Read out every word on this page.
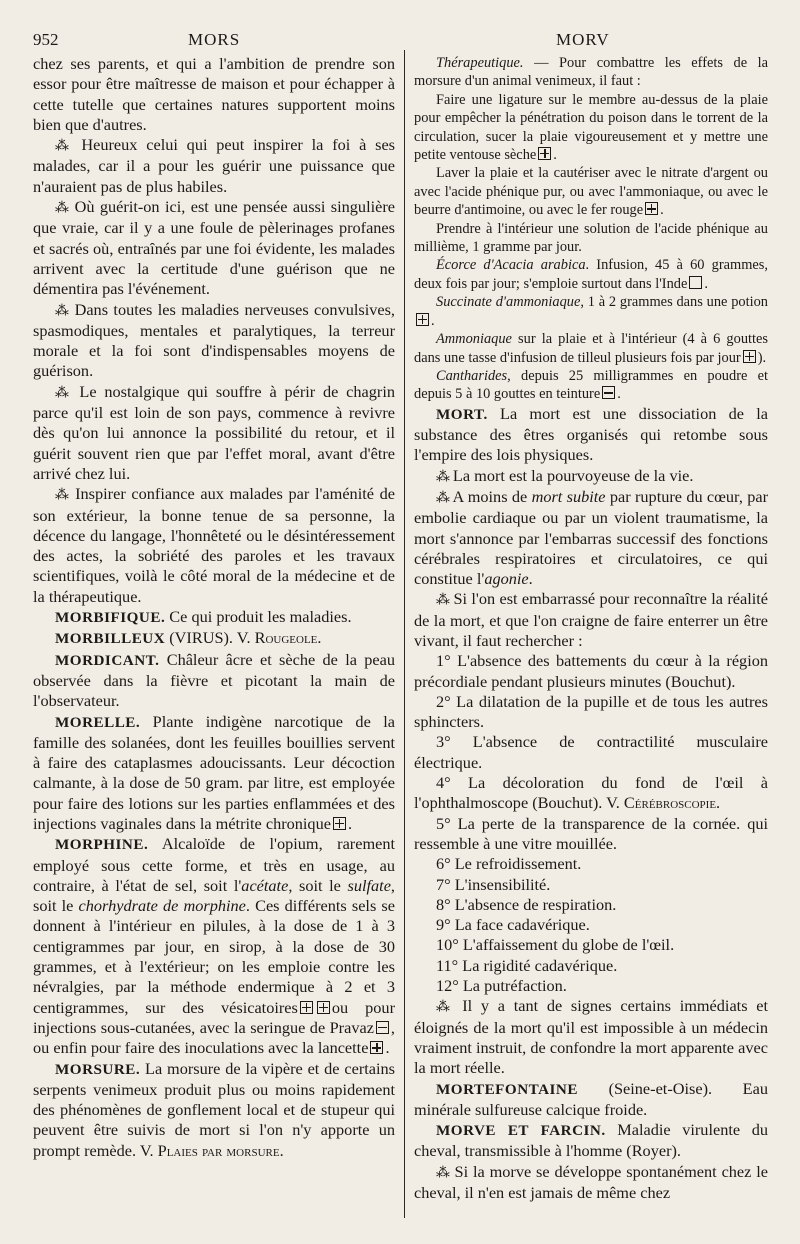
952	MORS	MORV

chez ses parents, et qui a l'ambition de prendre son essor pour être maîtresse de maison et pour échapper à cette tutelle que certaines natures supportent moins bien que d'autres.

⁂ Heureux celui qui peut inspirer la foi à ses malades, car il a pour les guérir une puissance que n'auraient pas de plus habiles.

⁂ Où guérit-on ici, est une pensée aussi singulière que vraie, car il y a une foule de pèlerinages profanes et sacrés où, entraînés par une foi évidente, les malades arrivent avec la certitude d'une guérison que ne démentira pas l'événement.

⁂ Dans toutes les maladies nerveuses convulsives, spasmodiques, mentales et paralytiques, la terreur morale et la foi sont d'indispensables moyens de guérison.

⁂ Le nostalgique qui souffre à périr de chagrin parce qu'il est loin de son pays, commence à revivre dès qu'on lui annonce la possibilité du retour, et il guérit souvent rien que par l'effet moral, avant d'être arrivé chez lui.

⁂ Inspirer confiance aux malades par l'aménité de son extérieur, la bonne tenue de sa personne, la décence du langage, l'honnêteté ou le désintéressement des actes, la sobriété des paroles et les travaux scientifiques, voilà le côté moral de la médecine et de la thérapeutique.

MORBIFIQUE. Ce qui produit les maladies.

MORBILLEUX (VIRUS). V. Rougeole.

MORDICANT. Châleur âcre et sèche de la peau observée dans la fièvre et picotant la main de l'observateur.

MORELLE. Plante indigène narcotique de la famille des solanées, dont les feuilles bouillies servent à faire des cataplasmes adoucissants. Leur décoction calmante, à la dose de 50 gram. par litre, est employée pour faire des lotions sur les parties enflammées et des injections vaginales dans la métrite chronique .

MORPHINE. Alcaloïde de l'opium, rarement employé sous cette forme, et très en usage, au contraire, à l'état de sel, soit l'acétate, soit le sulfate, soit le chorhydrate de morphine. Ces différents sels se donnent à l'intérieur en pilules, à la dose de 1 à 3 centigrammes par jour, en sirop, à la dose de 30 grammes, et à l'extérieur; on les emploie contre les névralgies, par la méthode endermique à 2 et 3 centigrammes, sur des vésicatoires ou pour injections sous-cutanées, avec la seringue de Pravaz , ou enfin pour faire des inoculations avec la lancette .

MORSURE. La morsure de la vipère et de certains serpents venimeux produit plus ou moins rapidement des phénomènes de gonflement local et de stupeur qui peuvent être suivis de mort si l'on n'y apporte un prompt remède. V. Plaies par morsure.

Thérapeutique. — Pour combattre les effets de la morsure d'un animal venimeux, il faut :

Faire une ligature sur le membre au-dessus de la plaie pour empêcher la pénétration du poison dans le torrent de la circulation, sucer la plaie vigoureusement et y mettre une petite ventouse sèche .

Laver la plaie et la cautériser avec le nitrate d'argent ou avec l'acide phénique pur, ou avec l'ammoniaque, ou avec le beurre d'antimoine, ou avec le fer rouge .

Prendre à l'intérieur une solution de l'acide phénique au millième, 1 gramme par jour.

Écorce d'Acacia arabica. Infusion, 45 à 60 grammes, deux fois par jour; s'emploie surtout dans l'Inde .

Succinate d'ammoniaque, 1 à 2 grammes dans une potion.

Ammoniaque sur la plaie et à l'intérieur (4 à 6 gouttes dans une tasse d'infusion de tilleul plusieurs fois par jour ).

Cantharides, depuis 25 milligrammes en poudre et depuis 5 à 10 gouttes en teinture .

MORT. La mort est une dissociation de la substance des êtres organisés qui retombe sous l'empire des lois physiques.

⁂ La mort est la pourvoyeuse de la vie.

⁂ A moins de mort subite par rupture du cœur, par embolie cardiaque ou par un violent traumatisme, la mort s'annonce par l'embarras successif des fonctions cérébrales respiratoires et circulatoires, ce qui constitue l'agonie.

⁂ Si l'on est embarrassé pour reconnaître la réalité de la mort, et que l'on craigne de faire enterrer un être vivant, il faut rechercher :

1° L'absence des battements du cœur à la région précordiale pendant plusieurs minutes (Bouchut).

2° La dilatation de la pupille et de tous les autres sphincters.

3° L'absence de contractilité musculaire électrique.

4° La décoloration du fond de l'œil à l'ophthalmoscope (Bouchut). V. Cérébroscopie.

5° La perte de la transparence de la cornée. qui ressemble à une vitre mouillée.

6° Le refroidissement.

7° L'insensibilité.

8° L'absence de respiration.

9° La face cadavérique.

10° L'affaissement du globe de l'œil.

11° La rigidité cadavérique.

12° La putréfaction.

⁂ Il y a tant de signes certains immédiats et éloignés de la mort qu'il est impossible à un médecin vraiment instruit, de confondre la mort apparente avec la mort réelle.

MORTEFONTAINE (Seine-et-Oise). Eau minérale sulfureuse calcique froide.

MORVE ET FARCIN. Maladie virulente du cheval, transmissible à l'homme (Royer).

⁂ Si la morve se développe spontanément chez le cheval, il n'en est jamais de même chez
